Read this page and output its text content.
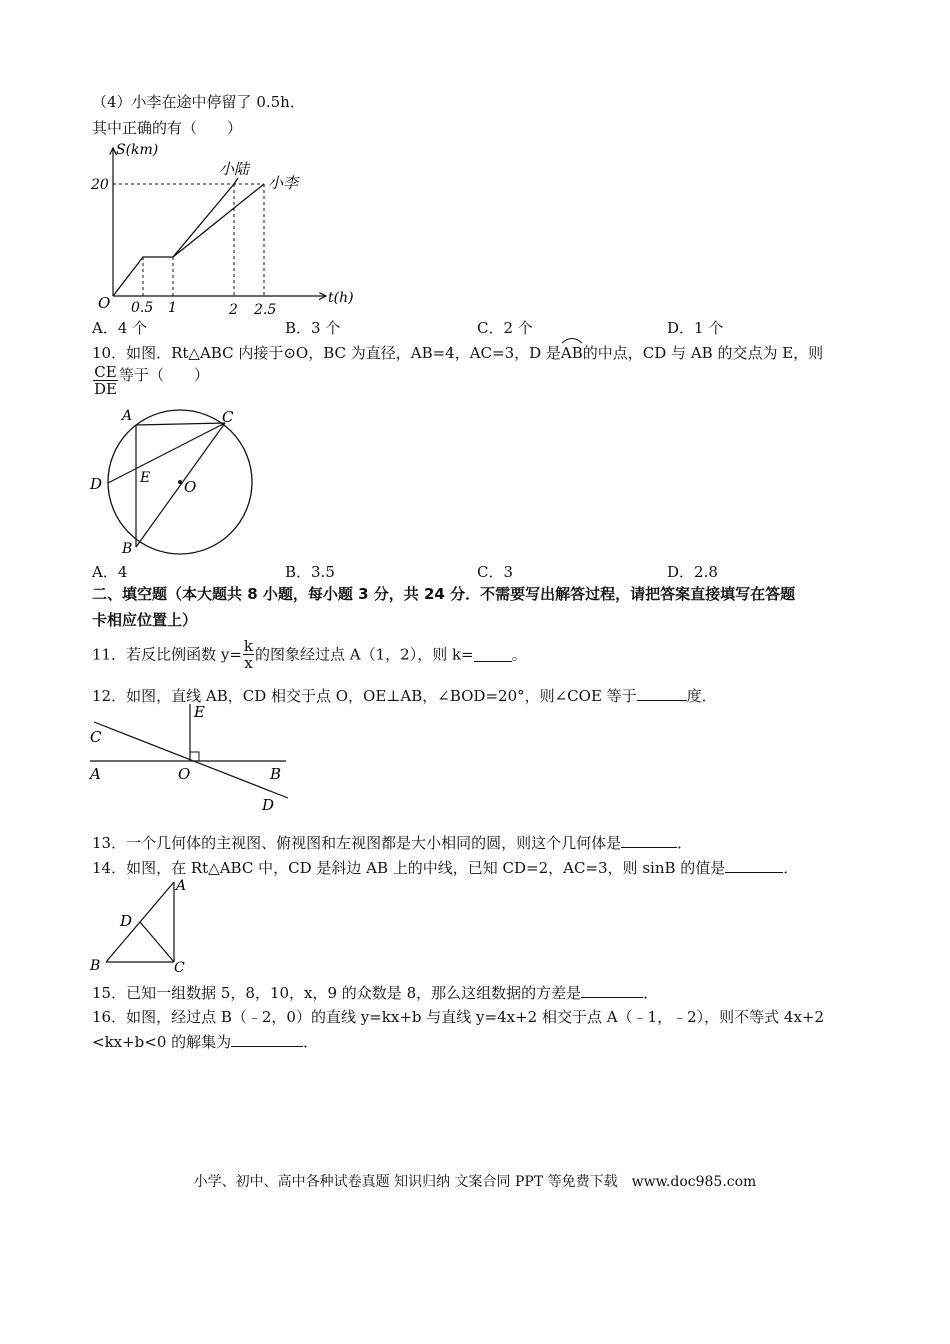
（4）小李在途中停留了 0.5h．
其中正确的有（　　）
S(km)
t(h)
O
20
0.5 1	2 2.5
小陆
小李
A．4 个	B．3 个	C．2 个	D．1 个
10．如图．Rt△ABC 内接于⊙O，BC 为直径，AB=4，AC=3，D 是
AB的中点，CD 与 AB 的交点为 E，则
$\frac{CE}{DE}$ 等于（　　）
A	C
D	E O
B
A．4	B．3.5	C．3	D．2.8
二、填空题（本大题共 8 小题，每小题 3 分，共 24 分．不需要写出解答过程，请把答案直接填写在答题
卡相应位置上）
11．若反比例函数 $y= \frac{k}{x}$ 的图象经过点 A（1，2），则 k=	。
12．如图，直线 AB，CD 相交于点 O，OE⊥AB，∠BOD=20°，则∠COE 等于	度．
E
C
A	O	B
D
13．一个几何体的主视图、俯视图和左视图都是大小相同的圆，则这个几何体是	．
14．如图，在 Rt△ABC 中，CD 是斜边 AB 上的中线，已知 CD=2，AC=3，则 sinB 的值是	．
A
D
B	C
15．已知一组数据 5，8，10，x，9 的众数是 8，那么这组数据的方差是	．
16．如图，经过点 B（﹣2，0）的直线 y=kx+b 与直线 y=4x+2 相交于点 A（﹣1，﹣2），则不等式 4x+2
<kx+b<0 的解集为	．
小学、初中、高中各种试卷真题 知识归纳 文案合同 PPT 等免费下载　www.doc985.com
